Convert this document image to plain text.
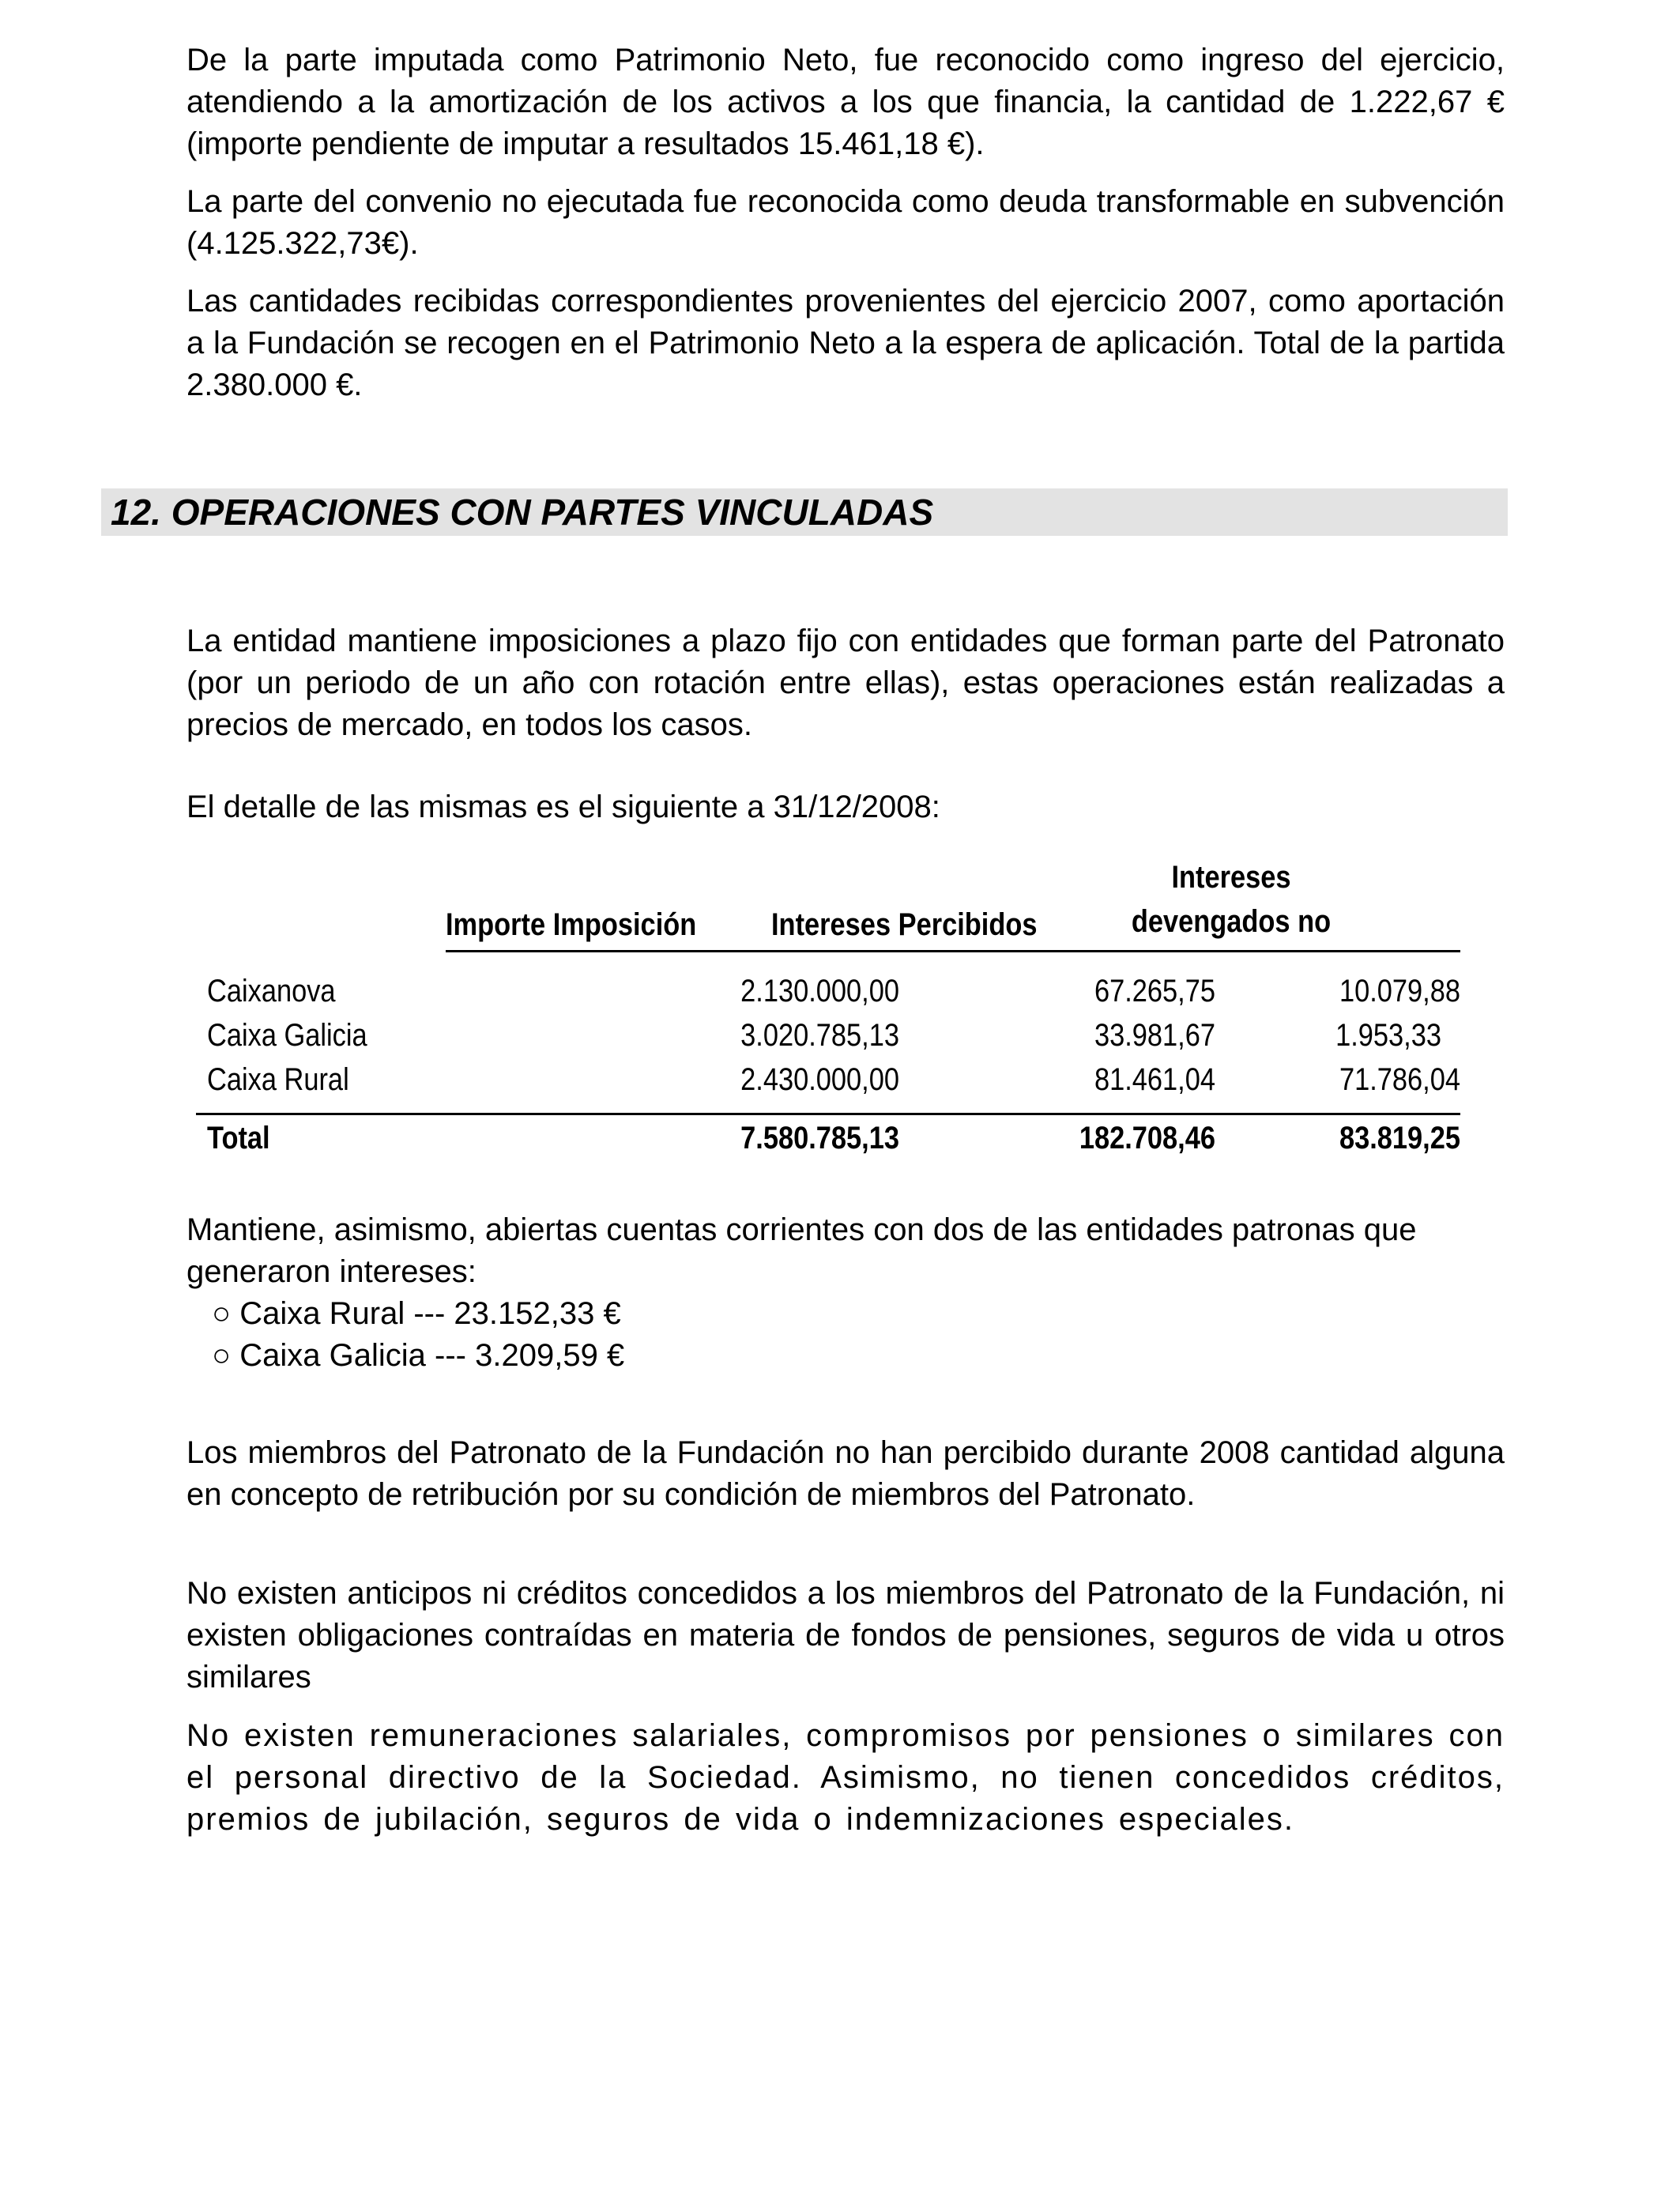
De la parte imputada como Patrimonio Neto, fue reconocido como ingreso del ejercicio, atendiendo a la amortización de los activos a los que financia, la cantidad de 1.222,67 € (importe pendiente de imputar a resultados 15.461,18 €).

La parte del convenio no ejecutada fue reconocida como deuda transformable en subvención (4.125.322,73€).

Las cantidades recibidas correspondientes provenientes del ejercicio 2007, como aportación a la Fundación se recogen en el Patrimonio Neto a la espera de aplicación. Total de la partida 2.380.000 €.

12. OPERACIONES CON PARTES VINCULADAS

La entidad mantiene imposiciones a plazo fijo con entidades que forman parte del Patronato (por un periodo de un año con rotación entre ellas), estas operaciones están realizadas a precios de mercado, en todos los casos.

El detalle de las mismas es el siguiente a 31/12/2008:

Importe Imposición Intereses Percibidos
Intereses
devengados no
Caixanova	2.130.000,00	67.265,75	10.079,88
Caixa Galicia	3.020.785,13	33.981,67	1.953,33
Caixa Rural	2.430.000,00	81.461,04	71.786,04
Total	7.580.785,13	182.708,46	83.819,25

Mantiene, asimismo, abiertas cuentas corrientes con dos de las entidades patronas que generaron intereses:

○ Caixa Rural --- 23.152,33 €
○ Caixa Galicia --- 3.209,59 €

Los miembros del Patronato de la Fundación no han percibido durante 2008 cantidad alguna en concepto de retribución por su condición de miembros del Patronato.

No existen anticipos ni créditos concedidos a los miembros del Patronato de la Fundación, ni existen obligaciones contraídas en materia de fondos de pensiones, seguros de vida u otros similares

No existen remuneraciones salariales, compromisos por pensiones o similares con el personal directivo de la Sociedad. Asimismo, no tienen concedidos créditos, premios de jubilación, seguros de vida o indemnizaciones especiales.
